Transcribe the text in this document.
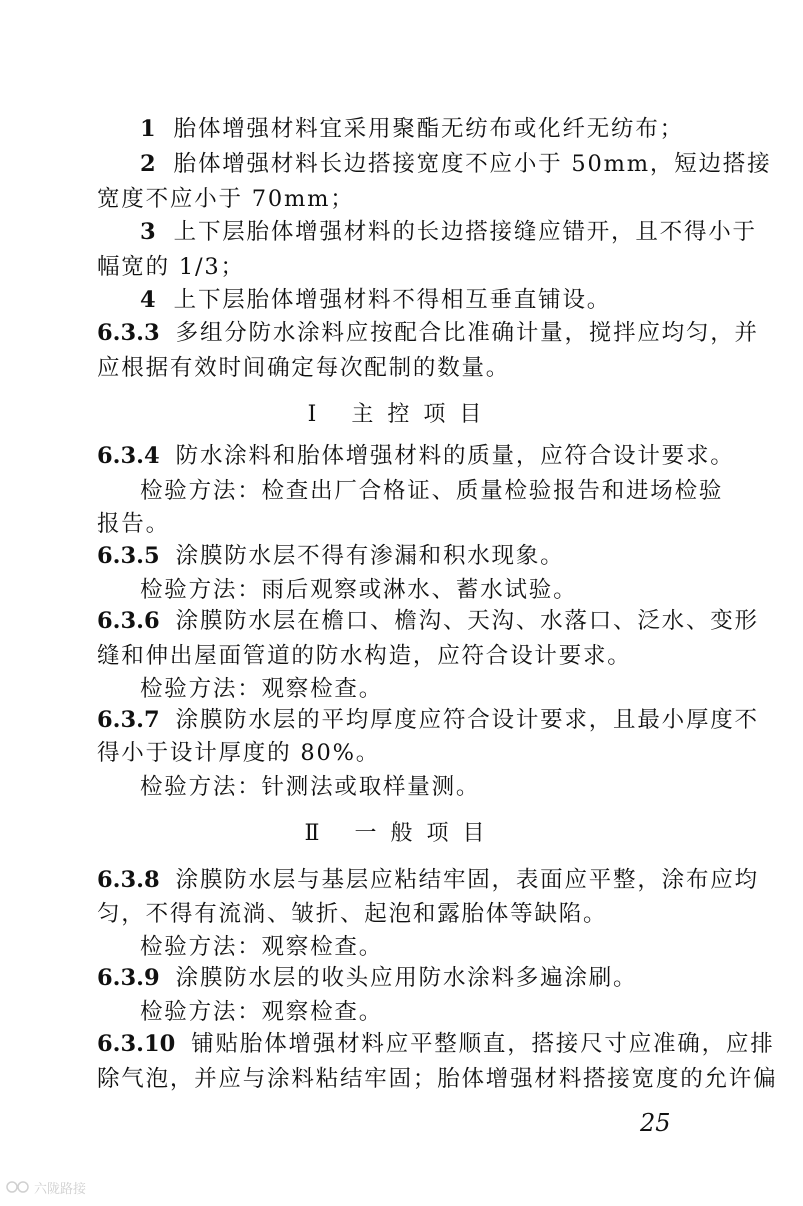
1 胎体增强材料宜采用聚酯无纺布或化纤无纺布；
2 胎体增强材料长边搭接宽度不应小于 50mm，短边搭接
宽度不应小于 70mm；
3 上下层胎体增强材料的长边搭接缝应错开，且不得小于
幅宽的 1/3；
4 上下层胎体增强材料不得相互垂直铺设。
6.3.3 多组分防水涂料应按配合比准确计量，搅拌应均匀，并
应根据有效时间确定每次配制的数量。
Ⅰ 主控项目
6.3.4 防水涂料和胎体增强材料的质量，应符合设计要求。
检验方法：检查出厂合格证、质量检验报告和进场检验
报告。
6.3.5 涂膜防水层不得有渗漏和积水现象。
检验方法：雨后观察或淋水、蓄水试验。
6.3.6 涂膜防水层在檐口、檐沟、天沟、水落口、泛水、变形
缝和伸出屋面管道的防水构造，应符合设计要求。
检验方法：观察检查。
6.3.7 涂膜防水层的平均厚度应符合设计要求，且最小厚度不
得小于设计厚度的 80%。
检验方法：针测法或取样量测。
Ⅱ 一般项目
6.3.8 涂膜防水层与基层应粘结牢固，表面应平整，涂布应均
匀，不得有流淌、皱折、起泡和露胎体等缺陷。
检验方法：观察检查。
6.3.9 涂膜防水层的收头应用防水涂料多遍涂刷。
检验方法：观察检查。
6.3.10 铺贴胎体增强材料应平整顺直，搭接尺寸应准确，应排
除气泡，并应与涂料粘结牢固；胎体增强材料搭接宽度的允许偏
25
土木工程资源共享
六陇路接
